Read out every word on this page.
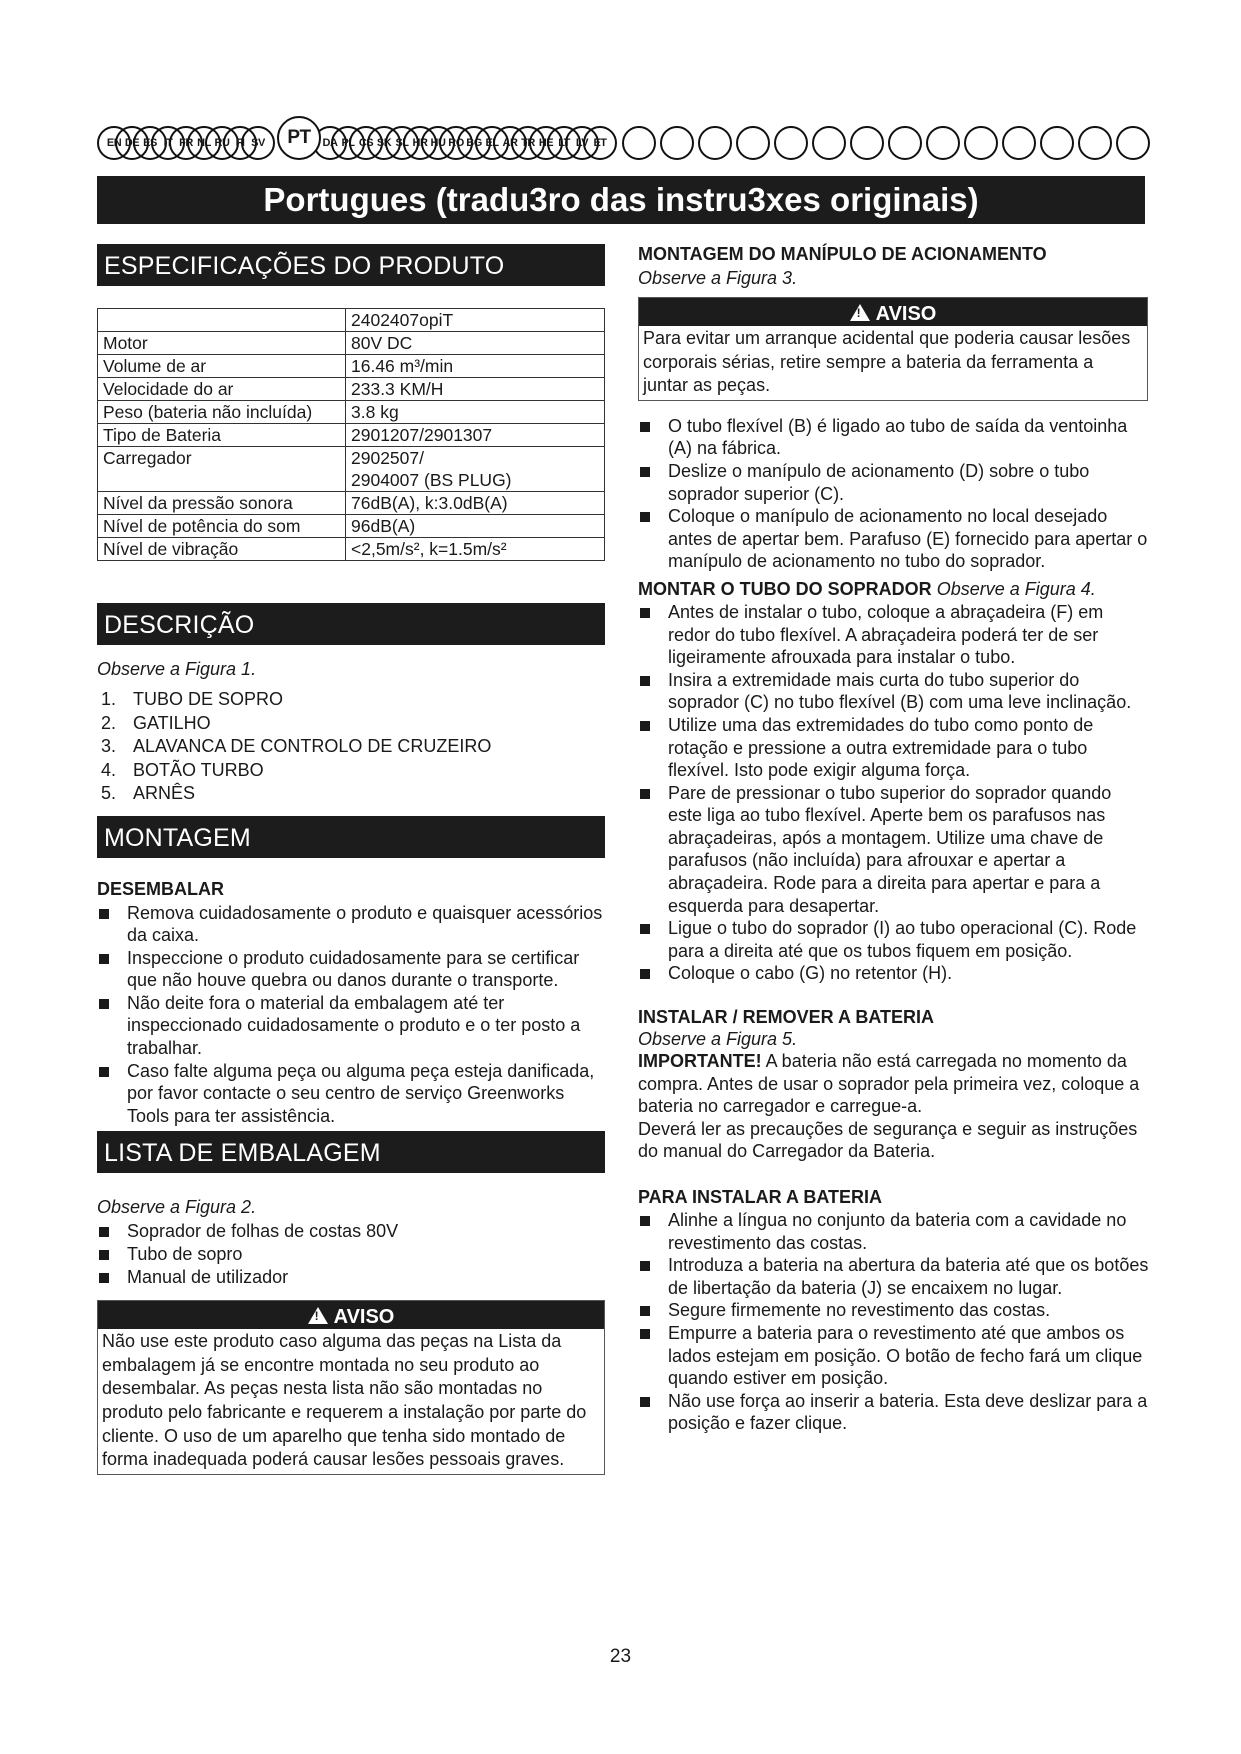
EN DE ES IT FR NL RU FI SV	PT	DA PL CS SK SL HR HU RO BG EL AR TR HE LT LV ET
Portugues (tradu3ro das instru3xes originais)
ESPECIFICAÇÕES DO PRODUTO
	2402407opiT
Motor	80V DC
Volume de ar	16.46 m³/min
Velocidade do ar	233.3 KM/H
Peso (bateria não incluída)	3.8 kg
Tipo de Bateria	2901207/2901307
Carregador	2902507/
2904007 (BS PLUG)

Nível da pressão sonora	76dB(A), k:3.0dB(A)
Nível de potência do som	96dB(A)
Nível de vibração	<2,5m/s², k=1.5m/s²
DESCRIÇÃO
Observe a Figura 1.
1. TUBO DE SOPRO
2. GATILHO
3. ALAVANCA DE CONTROLO DE CRUZEIRO
4. BOTÃO TURBO
5. ARNÊS
MONTAGEM
DESEMBALAR
Remova cuidadosamente o produto e quaisquer acessórios da caixa.
Inspeccione o produto cuidadosamente para se certificar que não houve quebra ou danos durante o transporte.
Não deite fora o material da embalagem até ter inspeccionado cuidadosamente o produto e o ter posto a trabalhar.
Caso falte alguma peça ou alguma peça esteja danificada, por favor contacte o seu centro de serviço Greenworks Tools para ter assistência.
LISTA DE EMBALAGEM
Observe a Figura 2.
Soprador de folhas de costas 80V
Tubo de sopro
Manual de utilizador
!AVISO
Não use este produto caso alguma das peças na Lista da embalagem já se encontre montada no seu produto ao desembalar. As peças nesta lista não são montadas no produto pelo fabricante e requerem a instalação por parte do cliente. O uso de um aparelho que tenha sido montado de forma inadequada poderá causar lesões pessoais graves.
MONTAGEM DO MANÍPULO DE ACIONAMENTO
Observe a Figura 3.
!AVISO
Para evitar um arranque acidental que poderia causar lesões corporais sérias, retire sempre a bateria da ferramenta a juntar as peças.
O tubo flexível (B) é ligado ao tubo de saída da ventoinha (A) na fábrica.
Deslize o manípulo de acionamento (D) sobre o tubo soprador superior (C).
Coloque o manípulo de acionamento no local desejado antes de apertar bem. Parafuso (E) fornecido para apertar o manípulo de acionamento no tubo do soprador.
MONTAR O TUBO DO SOPRADOR Observe a Figura 4.
Antes de instalar o tubo, coloque a abraçadeira (F) em redor do tubo flexível. A abraçadeira poderá ter de ser ligeiramente afrouxada para instalar o tubo.
Insira a extremidade mais curta do tubo superior do soprador (C) no tubo flexível (B) com uma leve inclinação.
Utilize uma das extremidades do tubo como ponto de rotação e pressione a outra extremidade para o tubo flexível. Isto pode exigir alguma força.
Pare de pressionar o tubo superior do soprador quando este liga ao tubo flexível. Aperte bem os parafusos nas abraçadeiras, após a montagem. Utilize uma chave de parafusos (não incluída) para afrouxar e apertar a abraçadeira. Rode para a direita para apertar e para a esquerda para desapertar.
Ligue o tubo do soprador (I) ao tubo operacional (C). Rode para a direita até que os tubos fiquem em posição.
Coloque o cabo (G) no retentor (H).
INSTALAR / REMOVER A BATERIA
Observe a Figura 5.
IMPORTANTE! A bateria não está carregada no momento da compra. Antes de usar o soprador pela primeira vez, coloque a bateria no carregador e carregue-a.
Deverá ler as precauções de segurança e seguir as instruções do manual do Carregador da Bateria.
PARA INSTALAR A BATERIA
Alinhe a língua no conjunto da bateria com a cavidade no revestimento das costas.
Introduza a bateria na abertura da bateria até que os botões de libertação da bateria (J) se encaixem no lugar.
Segure firmemente no revestimento das costas.
Empurre a bateria para o revestimento até que ambos os lados estejam em posição. O botão de fecho fará um clique quando estiver em posição.
Não use força ao inserir a bateria. Esta deve deslizar para a posição e fazer clique.
23
